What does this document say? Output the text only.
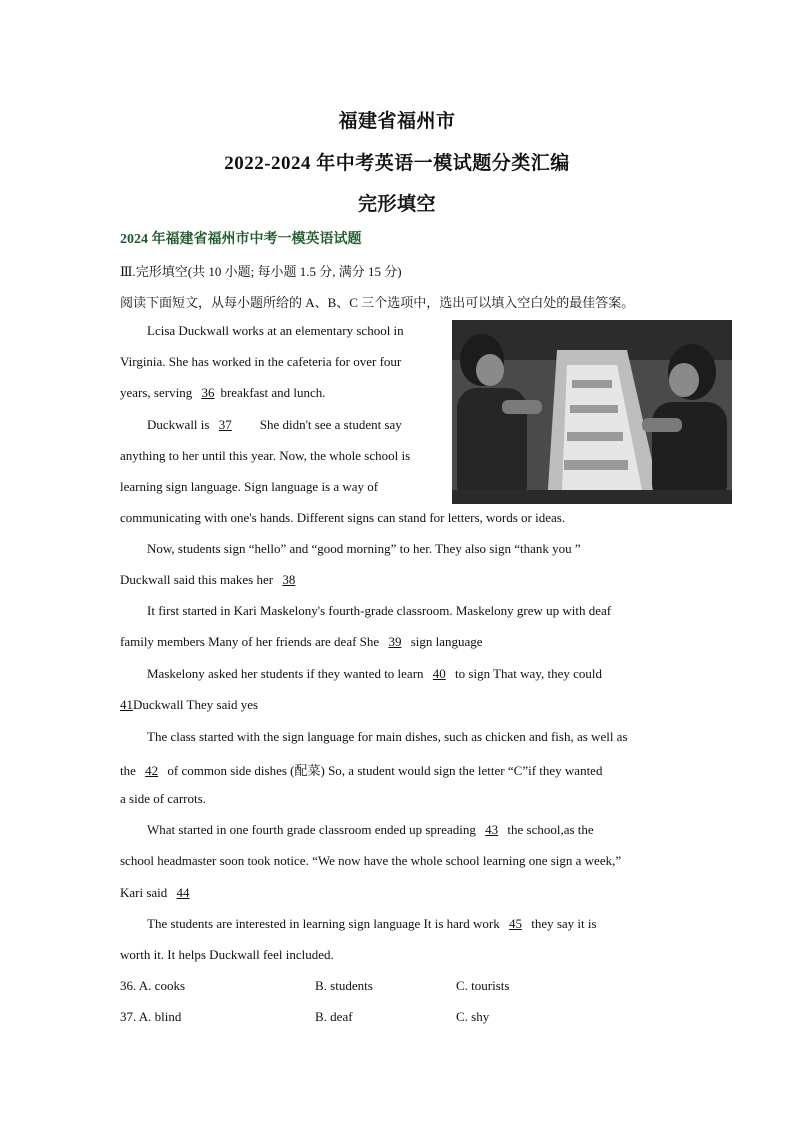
福建省福州市
2022-2024 年中考英语一模试题分类汇编
完形填空
2024 年福建省福州市中考一模英语试题
Ⅲ.完形填空(共 10 小题; 每小题 1.5 分, 满分 15 分)
阅读下面短文，从每小题所给的 A、B、C 三个选项中，选出可以填入空白处的最佳答案。
Lcisa Duckwall works at an elementary school in
Virginia. She has worked in the cafeteria for over four
years, serving 36 breakfast and lunch.
Duckwall is 37 She didn't see a student say
anything to her until this year. Now, the whole school is
learning sign language. Sign language is a way of
communicating with one's hands. Different signs can stand for letters, words or ideas.
Now, students sign “hello” and “good morning” to her. They also sign “thank you ”
Duckwall said this makes her 38
It first started in Kari Maskelony's fourth-grade classroom. Maskelony grew up with deaf
family members Many of her friends are deaf She 39 sign language
Maskelony asked her students if they wanted to learn 40 to sign That way, they could
41Duckwall They said yes
The class started with the sign language for main dishes, such as chicken and fish, as well as
the 42 of common side dishes (配菜) So, a student would sign the letter “C”if they wanted
a side of carrots.
What started in one fourth grade classroom ended up spreading 43 the school,as the
school headmaster soon took notice. “We now have the whole school learning one sign a week,”
Kari said 44
The students are interested in learning sign language It is hard work 45 they say it is
worth it. It helps Duckwall feel included.
36. A. cooks	B. students	C. tourists
37. A. blind	B. deaf	C. shy
